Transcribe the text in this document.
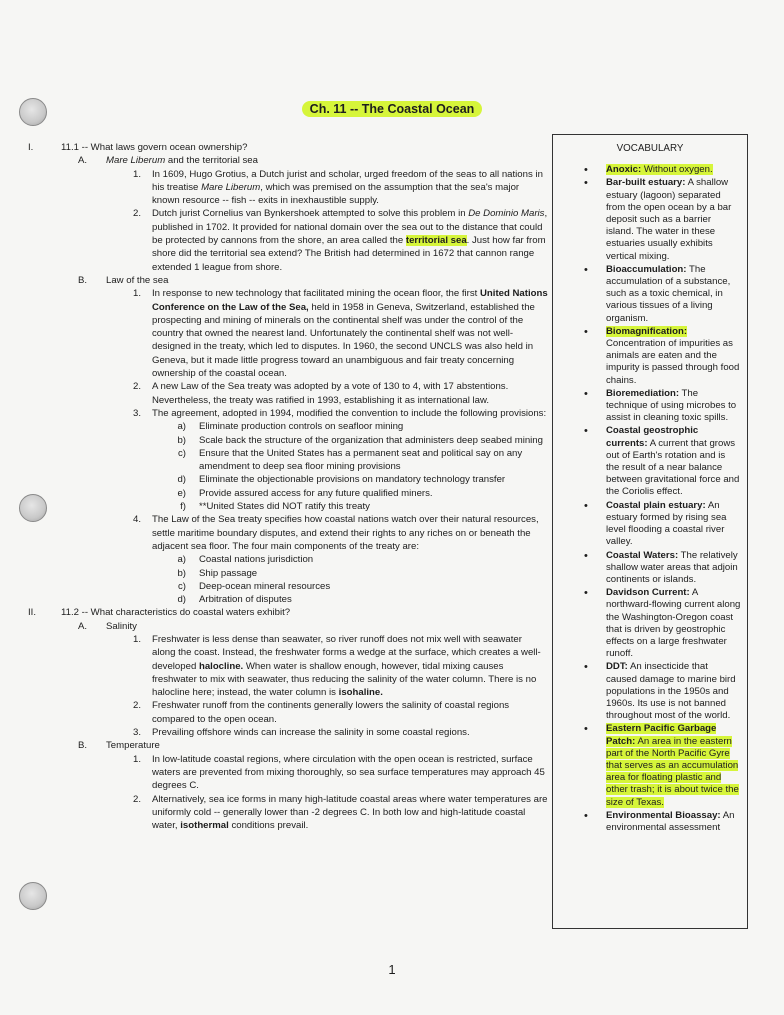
Ch. 11 -- The Coastal Ocean
I.	11.1 -- What laws govern ocean ownership?
A. Mare Liberum and the territorial sea
1. In 1609, Hugo Grotius, a Dutch jurist and scholar, urged freedom of the seas to all nations in his treatise Mare Liberum, which was premised on the assumption that the sea's major known resource -- fish -- exits in inexhaustible supply.
2. Dutch jurist Cornelius van Bynkershoek attempted to solve this problem in De Dominio Maris, published in 1702. It provided for national domain over the sea out to the distance that could be protected by cannons from the shore, an area called the territorial sea. Just how far from shore did the territorial sea extend? The British had determined in 1672 that cannon range extended 1 league from shore.
B. Law of the sea
1. In response to new technology that facilitated mining the ocean floor, the first United Nations Conference on the Law of the Sea, held in 1958 in Geneva, Switzerland, established the prospecting and mining of minerals on the continental shelf was under the control of the country that owned the nearest land. Unfortunately the continental shelf was not well-designed in the treaty, which led to disputes. In 1960, the second UNCLS was also held in Geneva, but it made little progress toward an unambiguous and fair treaty concerning ownership of the coastal ocean.
2. A new Law of the Sea treaty was adopted by a vote of 130 to 4, with 17 abstentions. Nevertheless, the treaty was ratified in 1993, establishing it as international law.
3. The agreement, adopted in 1994, modified the convention to include the following provisions:
a) Eliminate production controls on seafloor mining
b) Scale back the structure of the organization that administers deep seabed mining
c) Ensure that the United States has a permanent seat and political say on any amendment to deep sea floor mining provisions
d) Eliminate the objectionable provisions on mandatory technology transfer
e) Provide assured access for any future qualified miners.
f) **United States did NOT ratify this treaty
4. The Law of the Sea treaty specifies how coastal nations watch over their natural resources, settle maritime boundary disputes, and extend their rights to any riches on or beneath the adjacent sea floor. The four main components of the treaty are:
a) Coastal nations jurisdiction
b) Ship passage
c) Deep-ocean mineral resources
d) Arbitration of disputes
II.	11.2 -- What characteristics do coastal waters exhibit?
A. Salinity
1. Freshwater is less dense than seawater, so river runoff does not mix well with seawater along the coast. Instead, the freshwater forms a wedge at the surface, which creates a well-developed halocline. When water is shallow enough, however, tidal mixing causes freshwater to mix with seawater, thus reducing the salinity of the water column. There is no halocline here; instead, the water column is isohaline.
2. Freshwater runoff from the continents generally lowers the salinity of coastal regions compared to the open ocean.
3. Prevailing offshore winds can increase the salinity in some coastal regions.
B. Temperature
1. In low-latitude coastal regions, where circulation with the open ocean is restricted, surface waters are prevented from mixing thoroughly, so sea surface temperatures may approach 45 degrees C.
2. Alternatively, sea ice forms in many high-latitude coastal areas where water temperatures are uniformly cold -- generally lower than -2 degrees C. In both low and high-latitude coastal water, isothermal conditions prevail.
VOCABULARY
• Anoxic: Without oxygen.
• Bar-built estuary: A shallow estuary (lagoon) separated from the open ocean by a bar deposit such as a barrier island. The water in these estuaries usually exhibits vertical mixing.
• Bioaccumulation: The accumulation of a substance, such as a toxic chemical, in various tissues of a living organism.
• Biomagnification: Concentration of impurities as animals are eaten and the impurity is passed through food chains.
• Bioremediation: The technique of using microbes to assist in cleaning toxic spills.
• Coastal geostrophic currents: A current that grows out of Earth's rotation and is the result of a near balance between gravitational force and the Coriolis effect.
• Coastal plain estuary: An estuary formed by rising sea level flooding a coastal river valley.
• Coastal Waters: The relatively shallow water areas that adjoin continents or islands.
• Davidson Current: A northward-flowing current along the Washington-Oregon coast that is driven by geostrophic effects on a large freshwater runoff.
• DDT: An insecticide that caused damage to marine bird populations in the 1950s and 1960s. Its use is not banned throughout most of the world.
• Eastern Pacific Garbage Patch: An area in the eastern part of the North Pacific Gyre that serves as an accumulation area for floating plastic and other trash; it is about twice the size of Texas.
• Environmental Bioassay: An environmental assessment
1
